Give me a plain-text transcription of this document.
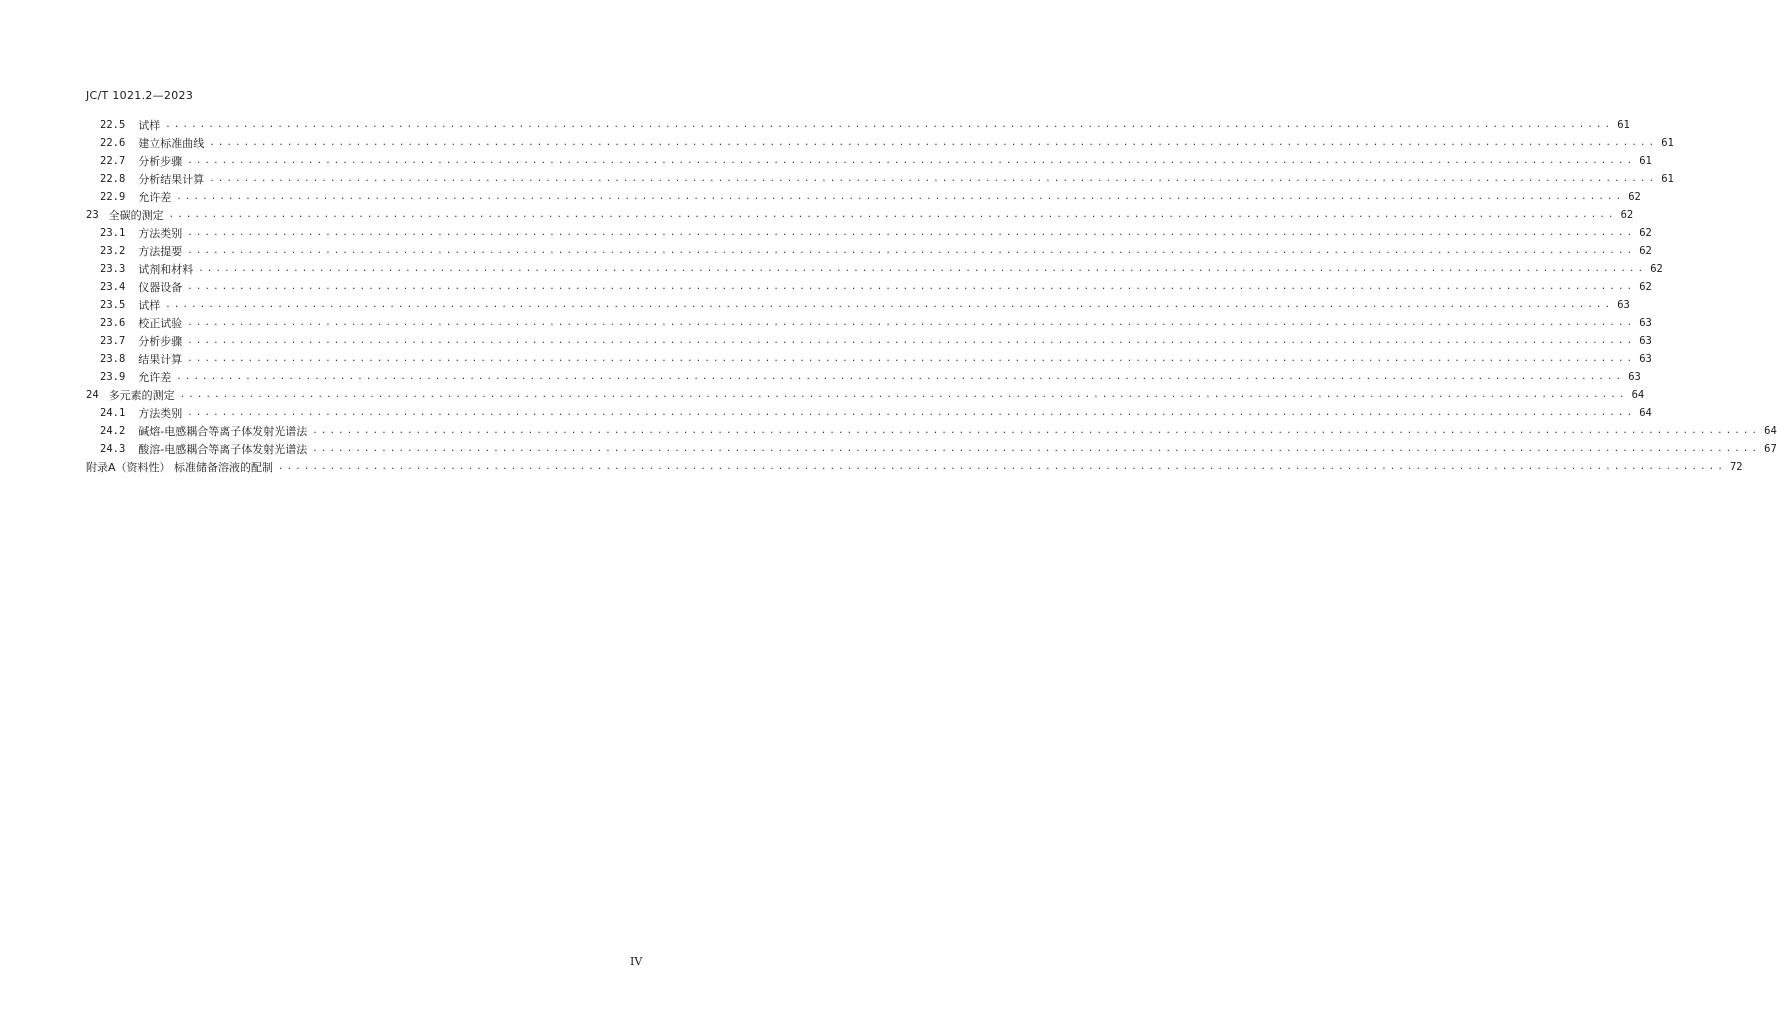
JC/T 1021.2—2023
22.5 试样 .....	61
22.6 建立标准曲线 .....	61
22.7 分析步骤 .....	61
22.8 分析结果计算 .....	61
22.9 允许差 .....	62
23 全碳的测定 .....	62
23.1 方法类别 .....	62
23.2 方法提要 .....	62
23.3 试剂和材料 .....	62
23.4 仪器设备 .....	62
23.5 试样 .....	63
23.6 校正试验 .....	63
23.7 分析步骤 .....	63
23.8 结果计算 .....	63
23.9 允许差 .....	63
24 多元素的测定 .....	64
24.1 方法类别 .....	64
24.2 碱熔-电感耦合等离子体发射光谱法 .....	64
24.3 酸溶-电感耦合等离子体发射光谱法 .....	67
附录A（资料性） 标准储备溶液的配制 .....	72
IV
